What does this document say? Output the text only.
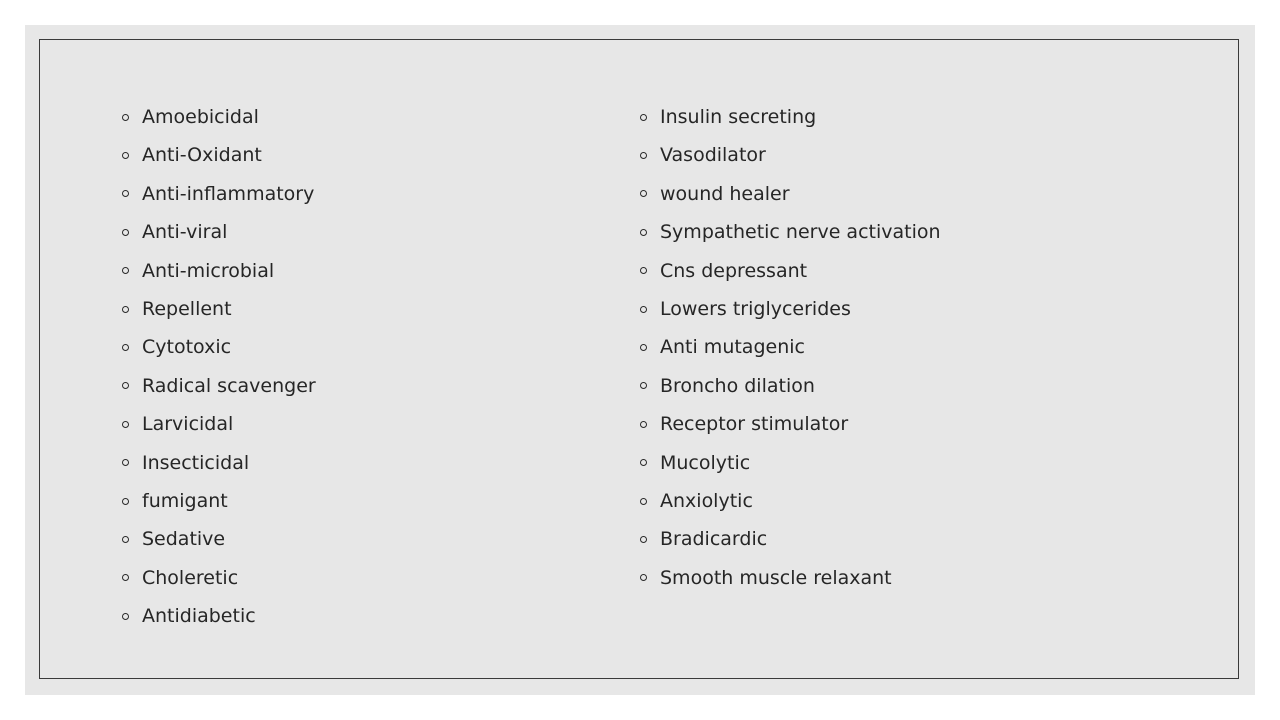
Amoebicidal
Anti-Oxidant
Anti-inflammatory
Anti-viral
Anti-microbial
Repellent
Cytotoxic
Radical scavenger
Larvicidal
Insecticidal
fumigant
Sedative
Choleretic
Antidiabetic
Insulin secreting
Vasodilator
wound healer
Sympathetic nerve activation
Cns depressant
Lowers triglycerides
Anti mutagenic
Broncho dilation
Receptor stimulator
Mucolytic
Anxiolytic
Bradicardic
Smooth muscle relaxant
